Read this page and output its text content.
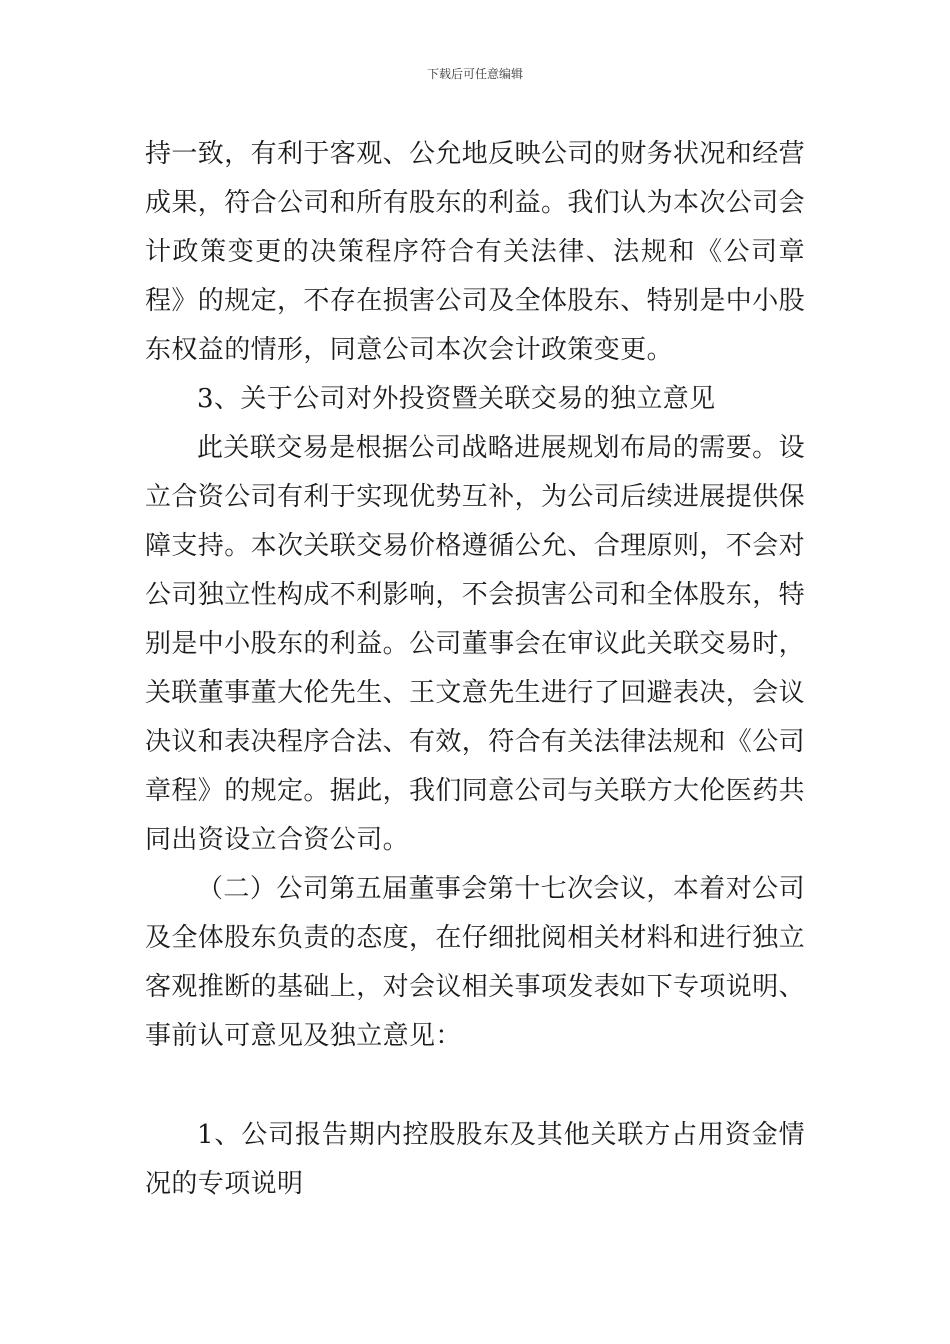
下载后可任意编辑

持一致，有利于客观、公允地反映公司的财务状况和经营成果，符合公司和所有股东的利益。我们认为本次公司会计政策变更的决策程序符合有关法律、法规和《公司章程》的规定，不存在损害公司及全体股东、特别是中小股东权益的情形，同意公司本次会计政策变更。

3、关于公司对外投资暨关联交易的独立意见

此关联交易是根据公司战略进展规划布局的需要。设立合资公司有利于实现优势互补，为公司后续进展提供保障支持。本次关联交易价格遵循公允、合理原则，不会对公司独立性构成不利影响，不会损害公司和全体股东，特别是中小股东的利益。公司董事会在审议此关联交易时，关联董事董大伦先生、王文意先生进行了回避表决，会议决议和表决程序合法、有效，符合有关法律法规和《公司章程》的规定。据此，我们同意公司与关联方大伦医药共同出资设立合资公司。

（二）公司第五届董事会第十七次会议，本着对公司及全体股东负责的态度，在仔细批阅相关材料和进行独立客观推断的基础上，对会议相关事项发表如下专项说明、事前认可意见及独立意见：

1、公司报告期内控股股东及其他关联方占用资金情况的专项说明
